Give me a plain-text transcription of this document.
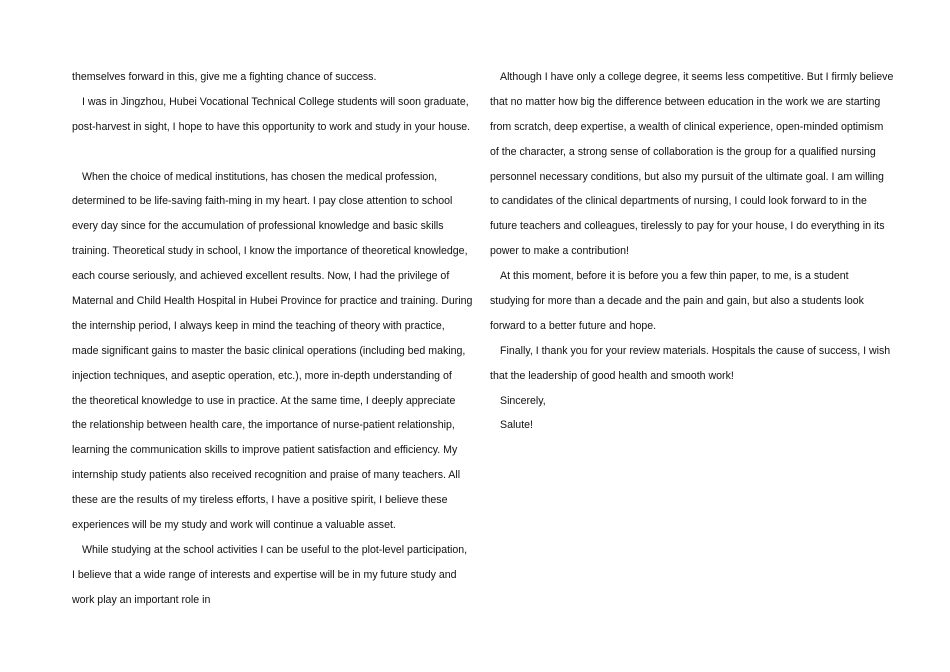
themselves forward in this, give me a fighting chance of success.
I was in Jingzhou, Hubei Vocational Technical College students will soon graduate,
post-harvest in sight, I hope to have this opportunity to work and study in your house.
When the choice of medical institutions, has chosen the medical profession,
determined to be life-saving faith-ming in my heart. I pay close attention to school
every day since for the accumulation of professional knowledge and basic skills
training. Theoretical study in school, I know the importance of theoretical knowledge,
each course seriously, and achieved excellent results. Now, I had the privilege of
Maternal and Child Health Hospital in Hubei Province for practice and training. During
the internship period, I always keep in mind the teaching of theory with practice,
made significant gains to master the basic clinical operations (including bed making,
injection techniques, and aseptic operation, etc.), more in-depth understanding of
the theoretical knowledge to use in practice. At the same time, I deeply appreciate
the relationship between health care, the importance of nurse-patient relationship,
learning the communication skills to improve patient satisfaction and efficiency. My
internship study patients also received recognition and praise of many teachers. All
these are the results of my tireless efforts, I have a positive spirit, I believe these
experiences will be my study and work will continue a valuable asset.
While studying at the school activities I can be useful to the plot-level participation,
I believe that a wide range of interests and expertise will be in my future study and
work play an important role in
Although I have only a college degree, it seems less competitive. But I firmly believe
that no matter how big the difference between education in the work we are starting
from scratch, deep expertise, a wealth of clinical experience, open-minded optimism
of the character, a strong sense of collaboration is the group for a qualified nursing
personnel necessary conditions, but also my pursuit of the ultimate goal. I am willing
to candidates of the clinical departments of nursing, I could look forward to in the
future teachers and colleagues, tirelessly to pay for your house, I do everything in its
power to make a contribution!
At this moment, before it is before you a few thin paper, to me, is a student
studying for more than a decade and the pain and gain, but also a students look
forward to a better future and hope.
Finally, I thank you for your review materials. Hospitals the cause of success, I wish
that the leadership of good health and smooth work!
Sincerely,
Salute!
